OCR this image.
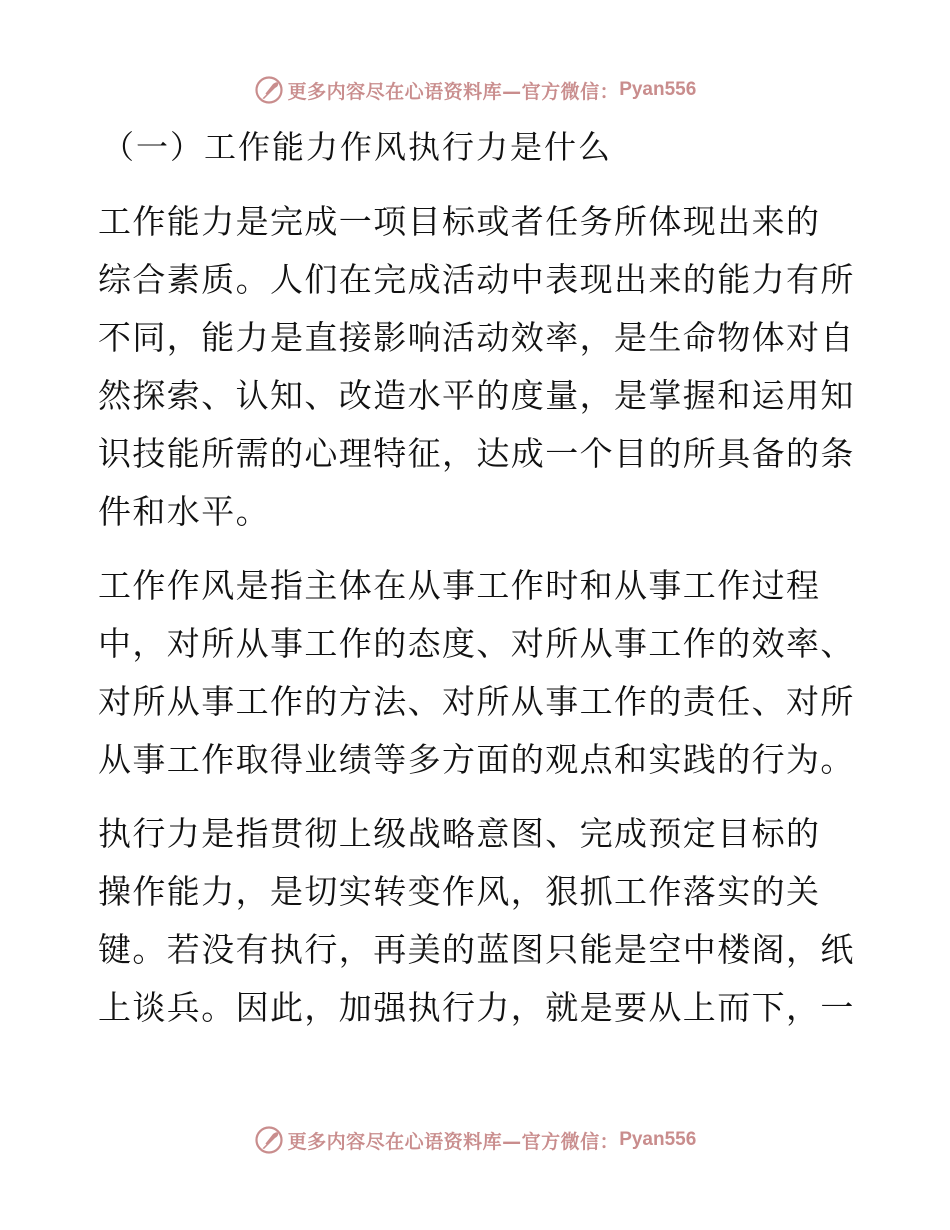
更多内容尽在心语资料库—官方微信： Pyan556
（一）工作能力作风执行力是什么
工作能力是完成一项目标或者任务所体现出来的
综合素质。人们在完成活动中表现出来的能力有所
不同，能力是直接影响活动效率，是生命物体对自
然探索、认知、改造水平的度量，是掌握和运用知
识技能所需的心理特征，达成一个目的所具备的条
件和水平。
工作作风是指主体在从事工作时和从事工作过程
中，对所从事工作的态度、对所从事工作的效率、
对所从事工作的方法、对所从事工作的责任、对所
从事工作取得业绩等多方面的观点和实践的行为。
执行力是指贯彻上级战略意图、完成预定目标的
操作能力，是切实转变作风，狠抓工作落实的关
键。若没有执行，再美的蓝图只能是空中楼阁，纸
上谈兵。因此，加强执行力，就是要从上而下，一
更多内容尽在心语资料库—官方微信： Pyan556
